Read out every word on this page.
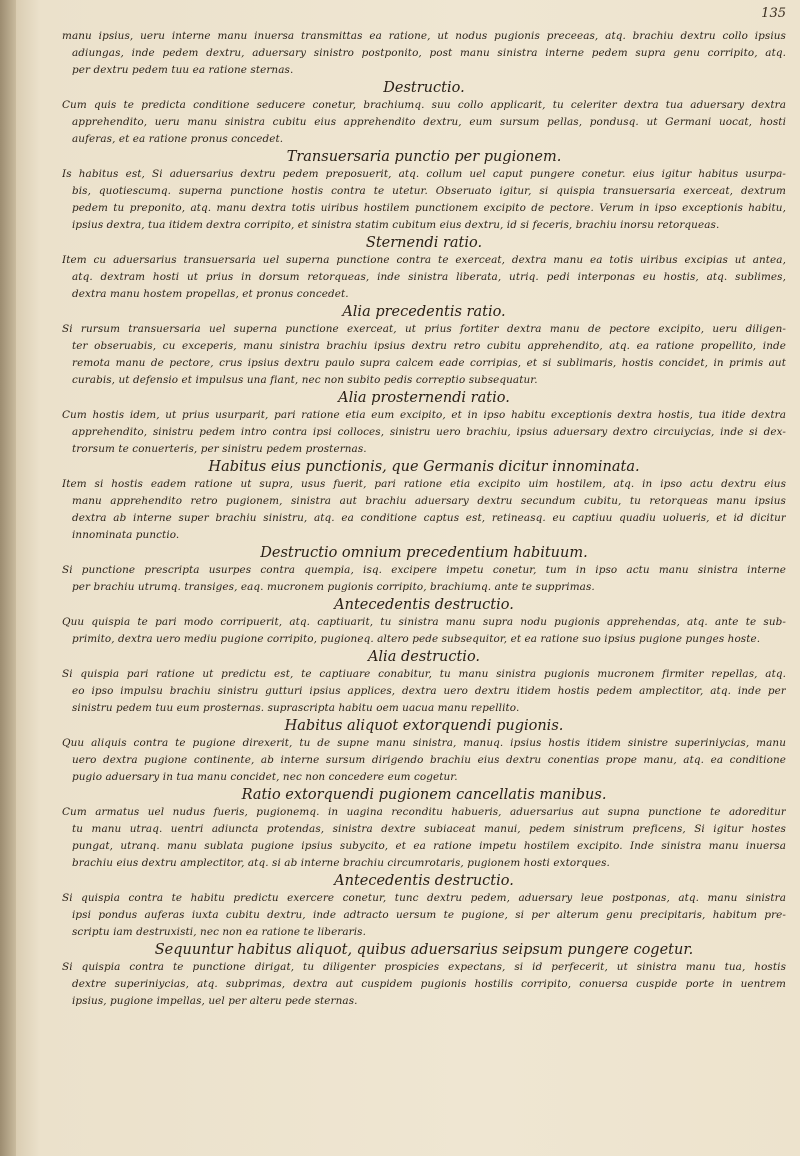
135
manu ipsius, ueru interne manu inuersa transmittas ea ratione, ut nodus pugionis preceeas, atq. brachiu dextru collo ipsius
adiungas, inde pedem dextru, aduersary sinistro postponito, post manu sinistra interne pedem supra genu corripito, atq.
per dextru pedem tuu ea ratione sternas.
Destructio.
Cum quis te predicta conditione seducere conetur, brachiumq. suu collo applicarit, tu celeriter dextra tua aduersary dextra
apprehendito, ueru manu sinistra cubitu eius apprehendito dextru, eum sursum pellas, pondusq. ut Germani uocat, hosti
auferas, et ea ratione pronus concedet.
Transuersaria punctio per pugionem.
Is habitus est, Si aduersarius dextru pedem preposuerit, atq. collum uel caput pungere conetur. eius igitur habitus usurpa-
bis, quotiescumq. superna punctione hostis contra te utetur. Obseruato igitur, si quispia transuersaria exerceat, dextrum
pedem tu preponito, atq. manu dextra totis uiribus hostilem punctionem excipito de pectore. Verum in ipso exceptionis habitu,
ipsius dextra, tua itidem dextra corripito, et sinistra statim cubitum eius dextru, id si feceris, brachiu inorsu retorqueas.
Sternendi ratio.
Item cu aduersarius transuersaria uel superna punctione contra te exerceat, dextra manu ea totis uiribus excipias ut antea,
atq. dextram hosti ut prius in dorsum retorqueas, inde sinistra liberata, utriq. pedi interponas eu hostis, atq. sublimes,
dextra manu hostem propellas, et pronus concedet.
Alia precedentis ratio.
Si rursum transuersaria uel superna punctione exerceat, ut prius fortiter dextra manu de pectore excipito, ueru diligen-
ter obseruabis, cu exceperis, manu sinistra brachiu ipsius dextru retro cubitu apprehendito, atq. ea ratione propellito, inde
remota manu de pectore, crus ipsius dextru paulo supra calcem eade corripias, et si sublimaris, hostis concidet, in primis aut
curabis, ut defensio et impulsus una fiant, nec non subito pedis correptio subsequatur.
Alia prosternendi ratio.
Cum hostis idem, ut prius usurparit, pari ratione etia eum excipito, et in ipso habitu exceptionis dextra hostis, tua itide dextra
apprehendito, sinistru pedem intro contra ipsi colloces, sinistru uero brachiu, ipsius aduersary dextro circuiycias, inde si dex-
trorsum te conuerteris, per sinistru pedem prosternas.
Habitus eius punctionis, que Germanis dicitur innominata.
Item si hostis eadem ratione ut supra, usus fuerit, pari ratione etia excipito uim hostilem, atq. in ipso actu dextru eius
manu apprehendito retro pugionem, sinistra aut brachiu aduersary dextru secundum cubitu, tu retorqueas manu ipsius
dextra ab interne super brachiu sinistru, atq. ea conditione captus est, retineasq. eu captiuu quadiu uolueris, et id dicitur
innominata punctio.
Destructio omnium precedentium habituum.
Si punctione prescripta usurpes contra quempia, isq. excipere impetu conetur, tum in ipso actu manu sinistra interne
per brachiu utrumq. transiges, eaq. mucronem pugionis corripito, brachiumq. ante te supprimas.
Antecedentis destructio.
Quu quispia te pari modo corripuerit, atq. captiuarit, tu sinistra manu supra nodu pugionis apprehendas, atq. ante te sub-
primito, dextra uero mediu pugione corripito, pugioneq. altero pede subsequitor, et ea ratione suo ipsius pugione punges hoste.
Alia destructio.
Si quispia pari ratione ut predictu est, te captiuare conabitur, tu manu sinistra pugionis mucronem firmiter repellas, atq.
eo ipso impulsu brachiu sinistru gutturi ipsius applices, dextra uero dextru itidem hostis pedem amplectitor, atq. inde per
sinistru pedem tuu eum prosternas. suprascripta habitu oem uacua manu repellito.
Habitus aliquot extorquendi pugionis.
Quu aliquis contra te pugione direxerit, tu de supne manu sinistra, manuq. ipsius hostis itidem sinistre superiniycias, manu
uero dextra pugione continente, ab interne sursum dirigendo brachiu eius dextru conentias prope manu, atq. ea conditione
pugio aduersary in tua manu concidet, nec non concedere eum cogetur.
Ratio extorquendi pugionem cancellatis manibus.
Cum armatus uel nudus fueris, pugionemq. in uagina reconditu habueris, aduersarius aut supna punctione te adoreditur
tu manu utraq. uentri adiuncta protendas, sinistra dextre subiaceat manui, pedem sinistrum preficens, Si igitur hostes
pungat, utranq. manu sublata pugione ipsius subycito, et ea ratione impetu hostilem excipito. Inde sinistra manu inuersa
brachiu eius dextru amplectitor, atq. si ab interne brachiu circumrotaris, pugionem hosti extorques.
Antecedentis destructio.
Si quispia contra te habitu predictu exercere conetur, tunc dextru pedem, aduersary leue postponas, atq. manu sinistra
ipsi pondus auferas iuxta cubitu dextru, inde adtracto uersum te pugione, si per alterum genu precipitaris, habitum pre-
scriptu iam destruxisti, nec non ea ratione te liberaris.
Sequuntur habitus aliquot, quibus aduersarius seipsum pungere cogetur.
Si quispia contra te punctione dirigat, tu diligenter prospicies expectans, si id perfecerit, ut sinistra manu tua, hostis
dextre superiniycias, atq. subprimas, dextra aut cuspidem pugionis hostilis corripito, conuersa cuspide porte in uentrem
ipsius, pugione impellas, uel per alteru pede sternas.
